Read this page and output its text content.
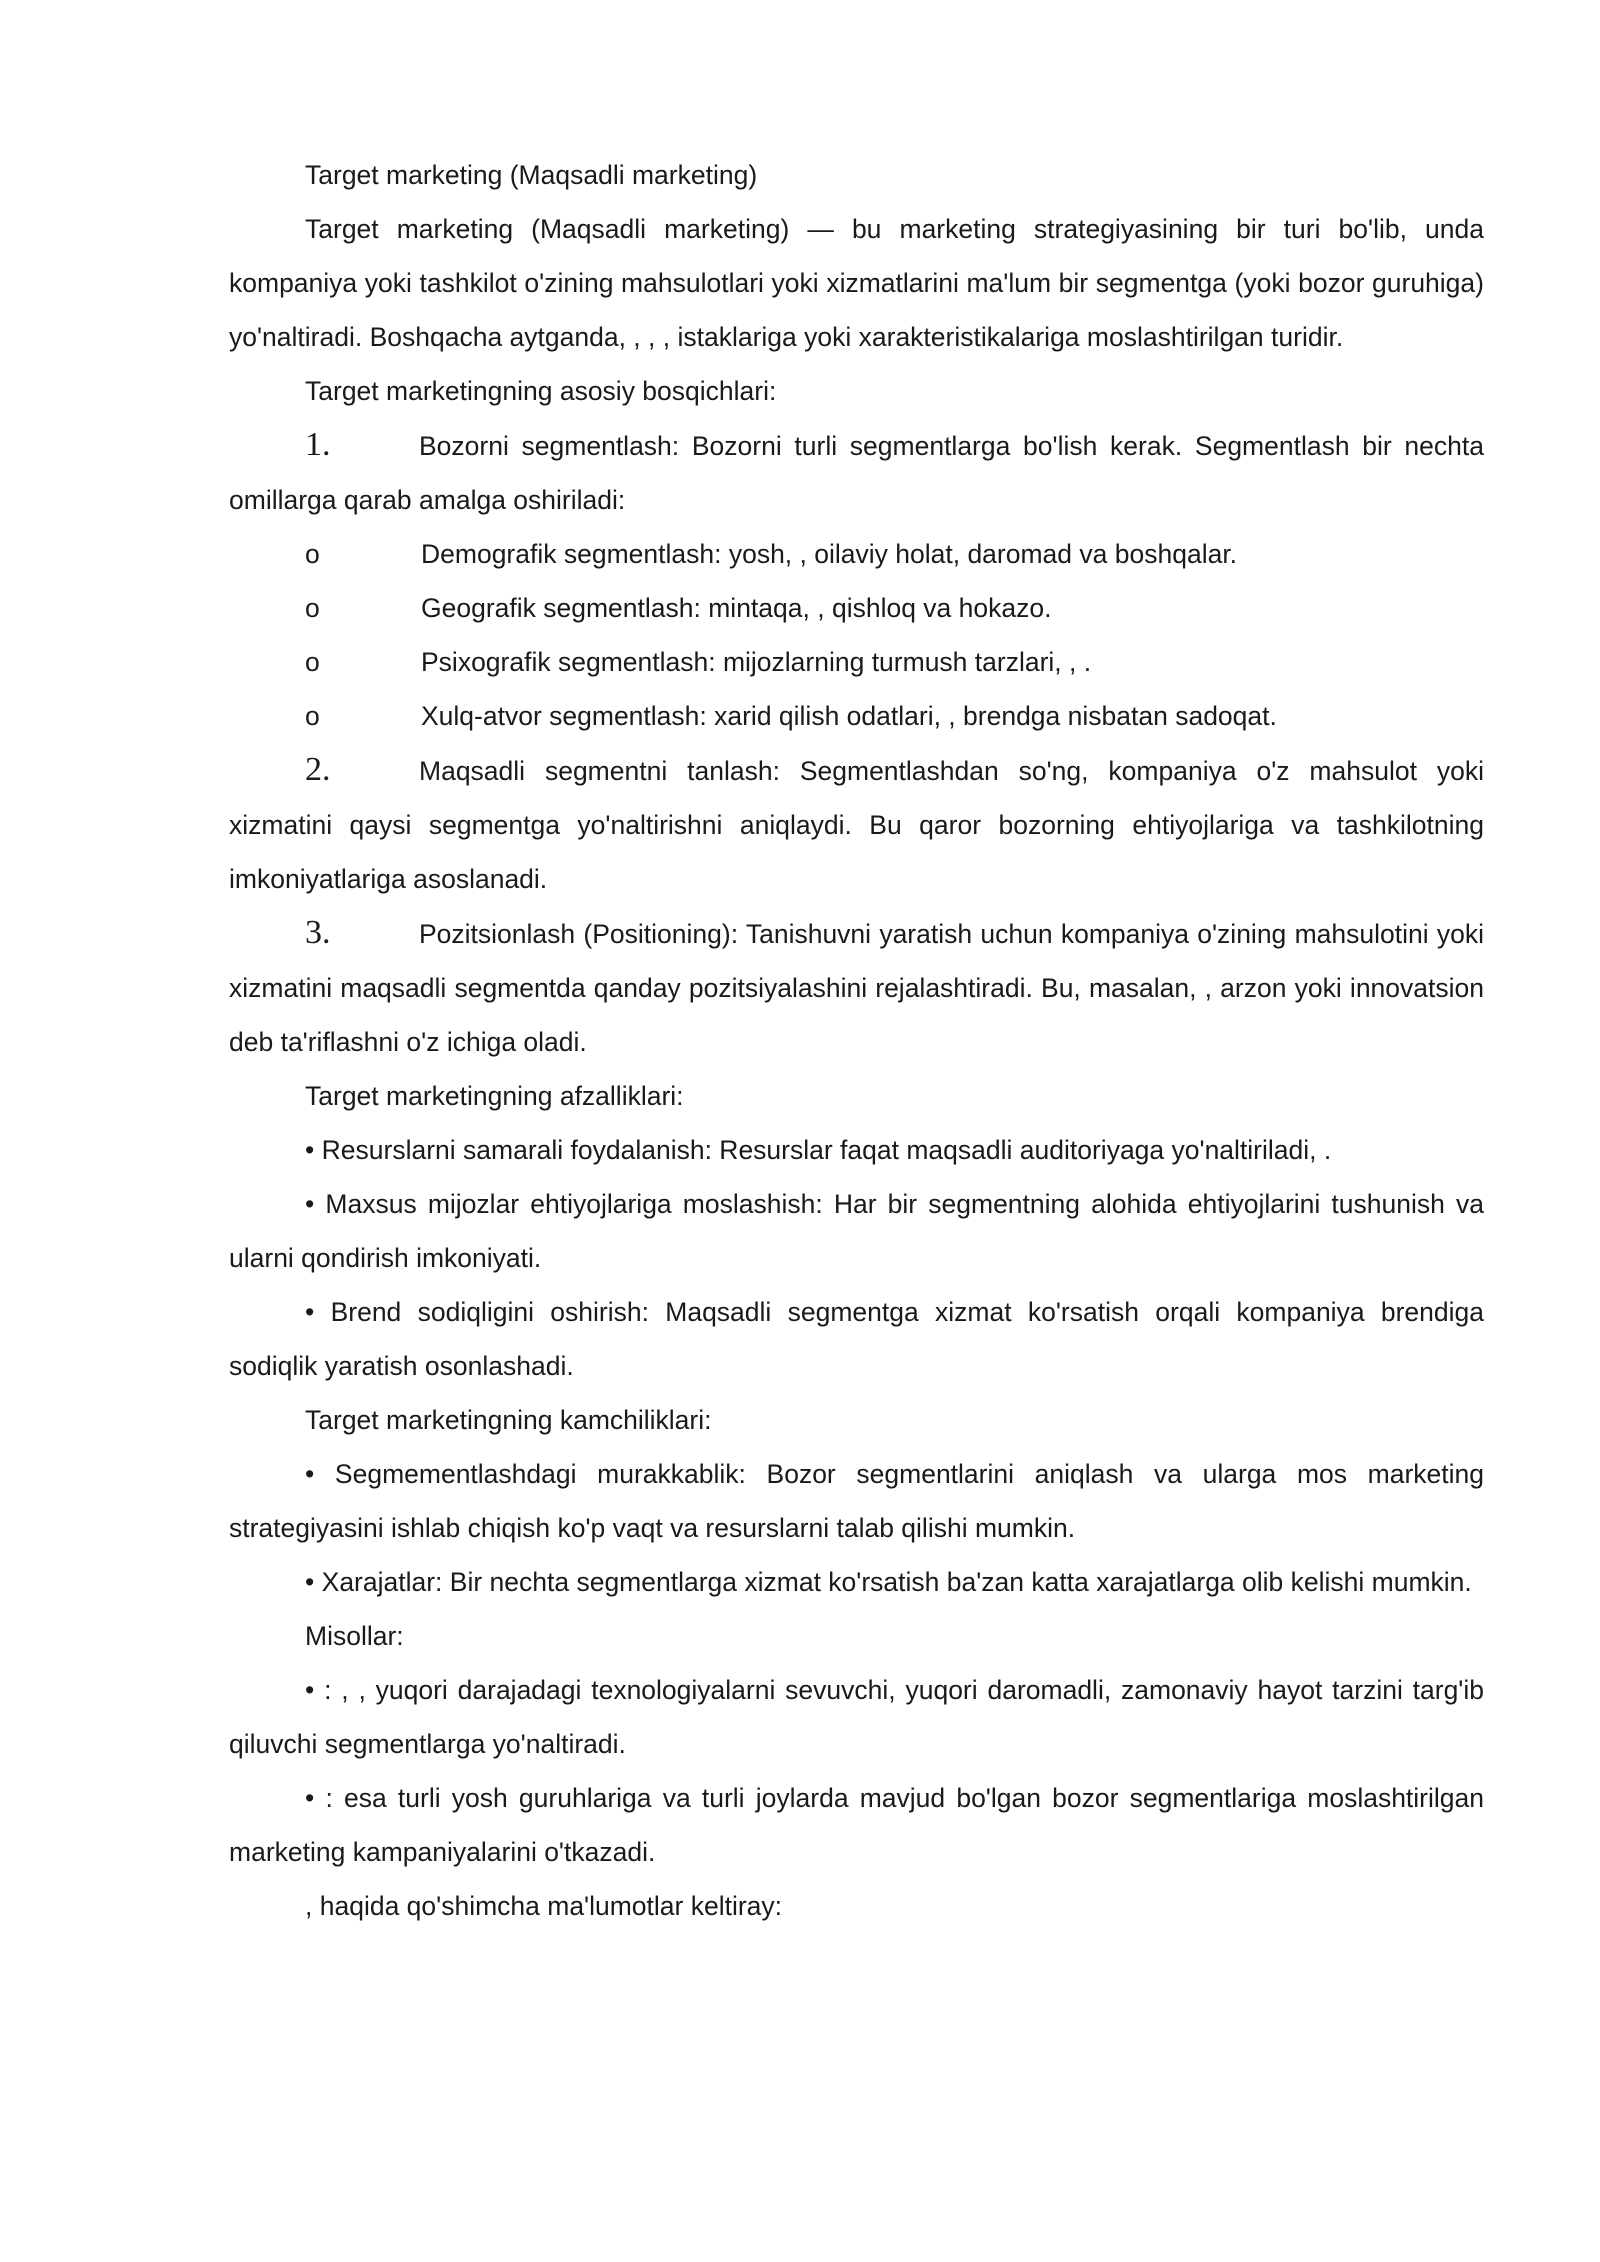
Target marketing (Maqsadli marketing)

Target marketing (Maqsadli marketing) — bu marketing strategiyasining bir turi bo'lib, unda kompaniya yoki tashkilot o'zining mahsulotlari yoki xizmatlarini ma'lum bir segmentga (yoki bozor guruhiga) yo'naltiradi. Boshqacha aytganda, , , , istaklariga yoki xarakteristikalariga moslashtirilgan turidir.

Target marketingning asosiy bosqichlari:

1.	Bozorni segmentlash: Bozorni turli segmentlarga bo'lish kerak. Segmentlash bir nechta omillarga qarab amalga oshiriladi:

o	Demografik segmentlash: yosh, , oilaviy holat, daromad va boshqalar.

o	Geografik segmentlash: mintaqa, , qishloq va hokazo.

o	Psixografik segmentlash: mijozlarning turmush tarzlari, , .

o	Xulq-atvor segmentlash: xarid qilish odatlari, , brendga nisbatan sadoqat.

2.	Maqsadli segmentni tanlash: Segmentlashdan so'ng, kompaniya o'z mahsulot yoki xizmatini qaysi segmentga yo'naltirishni aniqlaydi. Bu qaror bozorning ehtiyojlariga va tashkilotning imkoniyatlariga asoslanadi.

3.	Pozitsionlash (Positioning): Tanishuvni yaratish uchun kompaniya o'zining mahsulotini yoki xizmatini maqsadli segmentda qanday pozitsiyalashini rejalashtiradi. Bu, masalan, , arzon yoki innovatsion deb ta'riflashni o'z ichiga oladi.

Target marketingning afzalliklari:

• Resurslarni samarali foydalanish: Resurslar faqat maqsadli auditoriyaga yo'naltiriladi, .

• Maxsus mijozlar ehtiyojlariga moslashish: Har bir segmentning alohida ehtiyojlarini tushunish va ularni qondirish imkoniyati.

• Brend sodiqligini oshirish: Maqsadli segmentga xizmat ko'rsatish orqali kompaniya brendiga sodiqlik yaratish osonlashadi.

Target marketingning kamchiliklari:

• Segmementlashdagi murakkablik: Bozor segmentlarini aniqlash va ularga mos marketing strategiyasini ishlab chiqish ko'p vaqt va resurslarni talab qilishi mumkin.

• Xarajatlar: Bir nechta segmentlarga xizmat ko'rsatish ba'zan katta xarajatlarga olib kelishi mumkin.

Misollar:

• : , , yuqori darajadagi texnologiyalarni sevuvchi, yuqori daromadli, zamonaviy hayot tarzini targ'ib qiluvchi segmentlarga yo'naltiradi.

• : esa turli yosh guruhlariga va turli joylarda mavjud bo'lgan bozor segmentlariga moslashtirilgan marketing kampaniyalarini o'tkazadi.

, haqida qo'shimcha ma'lumotlar keltiray:
